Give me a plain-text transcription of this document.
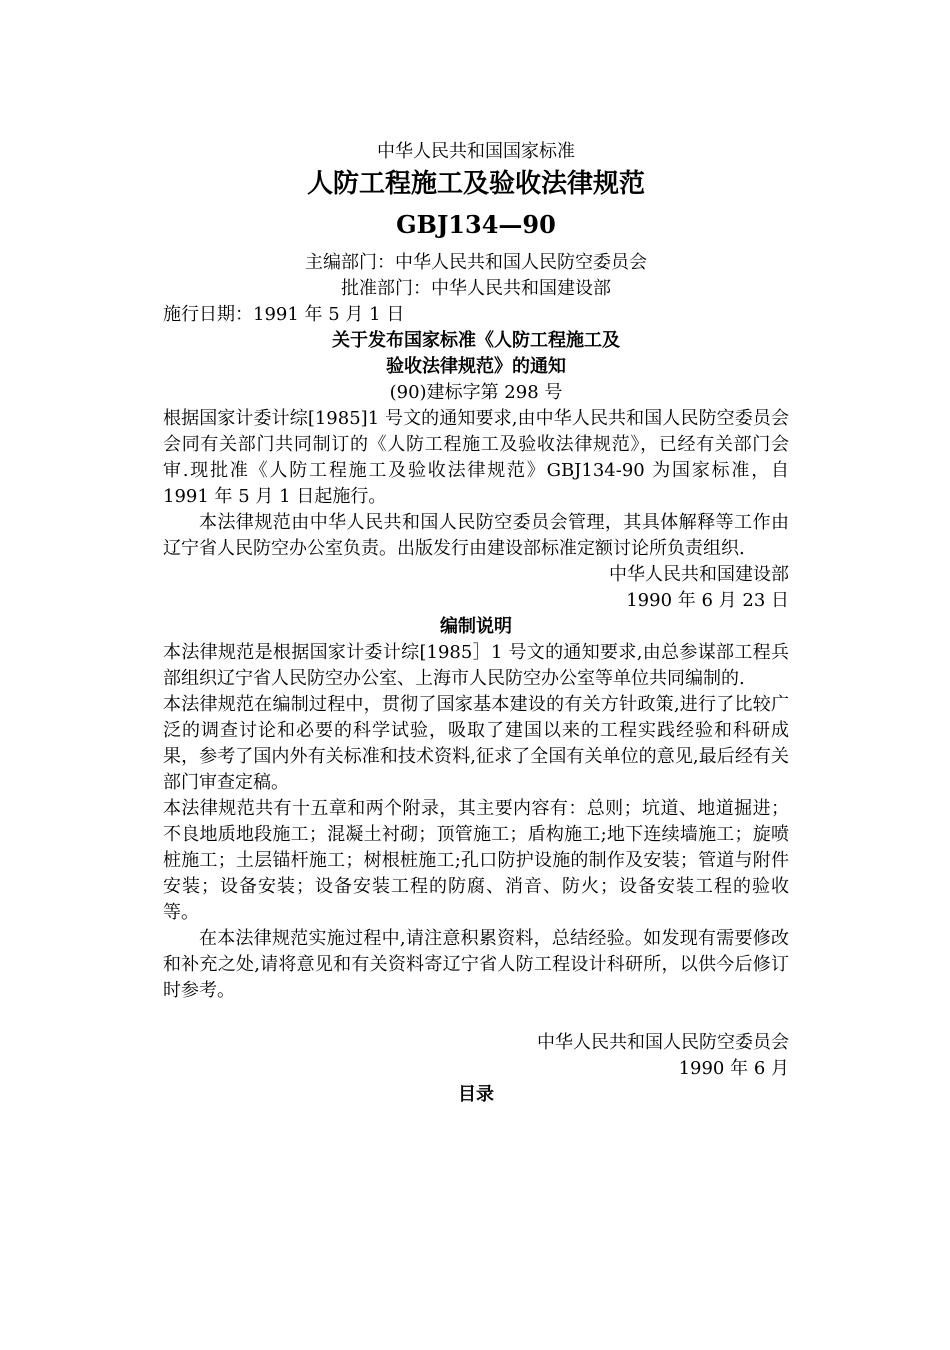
中华人民共和国国家标准
人防工程施工及验收法律规范
GBJ134—90
主编部门：中华人民共和国人民防空委员会
批准部门：中华人民共和国建设部
施行日期：1991 年 5 月 1 日
关于发布国家标准《人防工程施工及
验收法律规范》的通知
(90)建标字第 298 号

根据国家计委计综[1985]1 号文的通知要求,由中华人民共和国人民防空委员会会同有关部门共同制订的《人防工程施工及验收法律规范》，已经有关部门会审.现批准《人防工程施工及验收法律规范》GBJ134-90 为国家标准，自 1991 年 5 月 1 日起施行。

本法律规范由中华人民共和国人民防空委员会管理，其具体解释等工作由辽宁省人民防空办公室负责。出版发行由建设部标准定额讨论所负责组织.

中华人民共和国建设部
1990 年 6 月 23 日
编制说明

本法律规范是根据国家计委计综[1985］1 号文的通知要求,由总参谋部工程兵部组织辽宁省人民防空办公室、上海市人民防空办公室等单位共同编制的.

本法律规范在编制过程中，贯彻了国家基本建设的有关方针政策,进行了比较广泛的调查讨论和必要的科学试验，吸取了建国以来的工程实践经验和科研成果，参考了国内外有关标准和技术资料,征求了全国有关单位的意见,最后经有关部门审查定稿。

本法律规范共有十五章和两个附录，其主要内容有：总则；坑道、地道掘进；不良地质地段施工；混凝土衬砌；顶管施工；盾构施工;地下连续墙施工；旋喷桩施工；土层锚杆施工；树根桩施工;孔口防护设施的制作及安装；管道与附件安装；设备安装；设备安装工程的防腐、消音、防火；设备安装工程的验收等。

在本法律规范实施过程中,请注意积累资料，总结经验。如发现有需要修改和补充之处,请将意见和有关资料寄辽宁省人防工程设计科研所，以供今后修订时参考。

中华人民共和国人民防空委员会
1990 年 6 月
目录
